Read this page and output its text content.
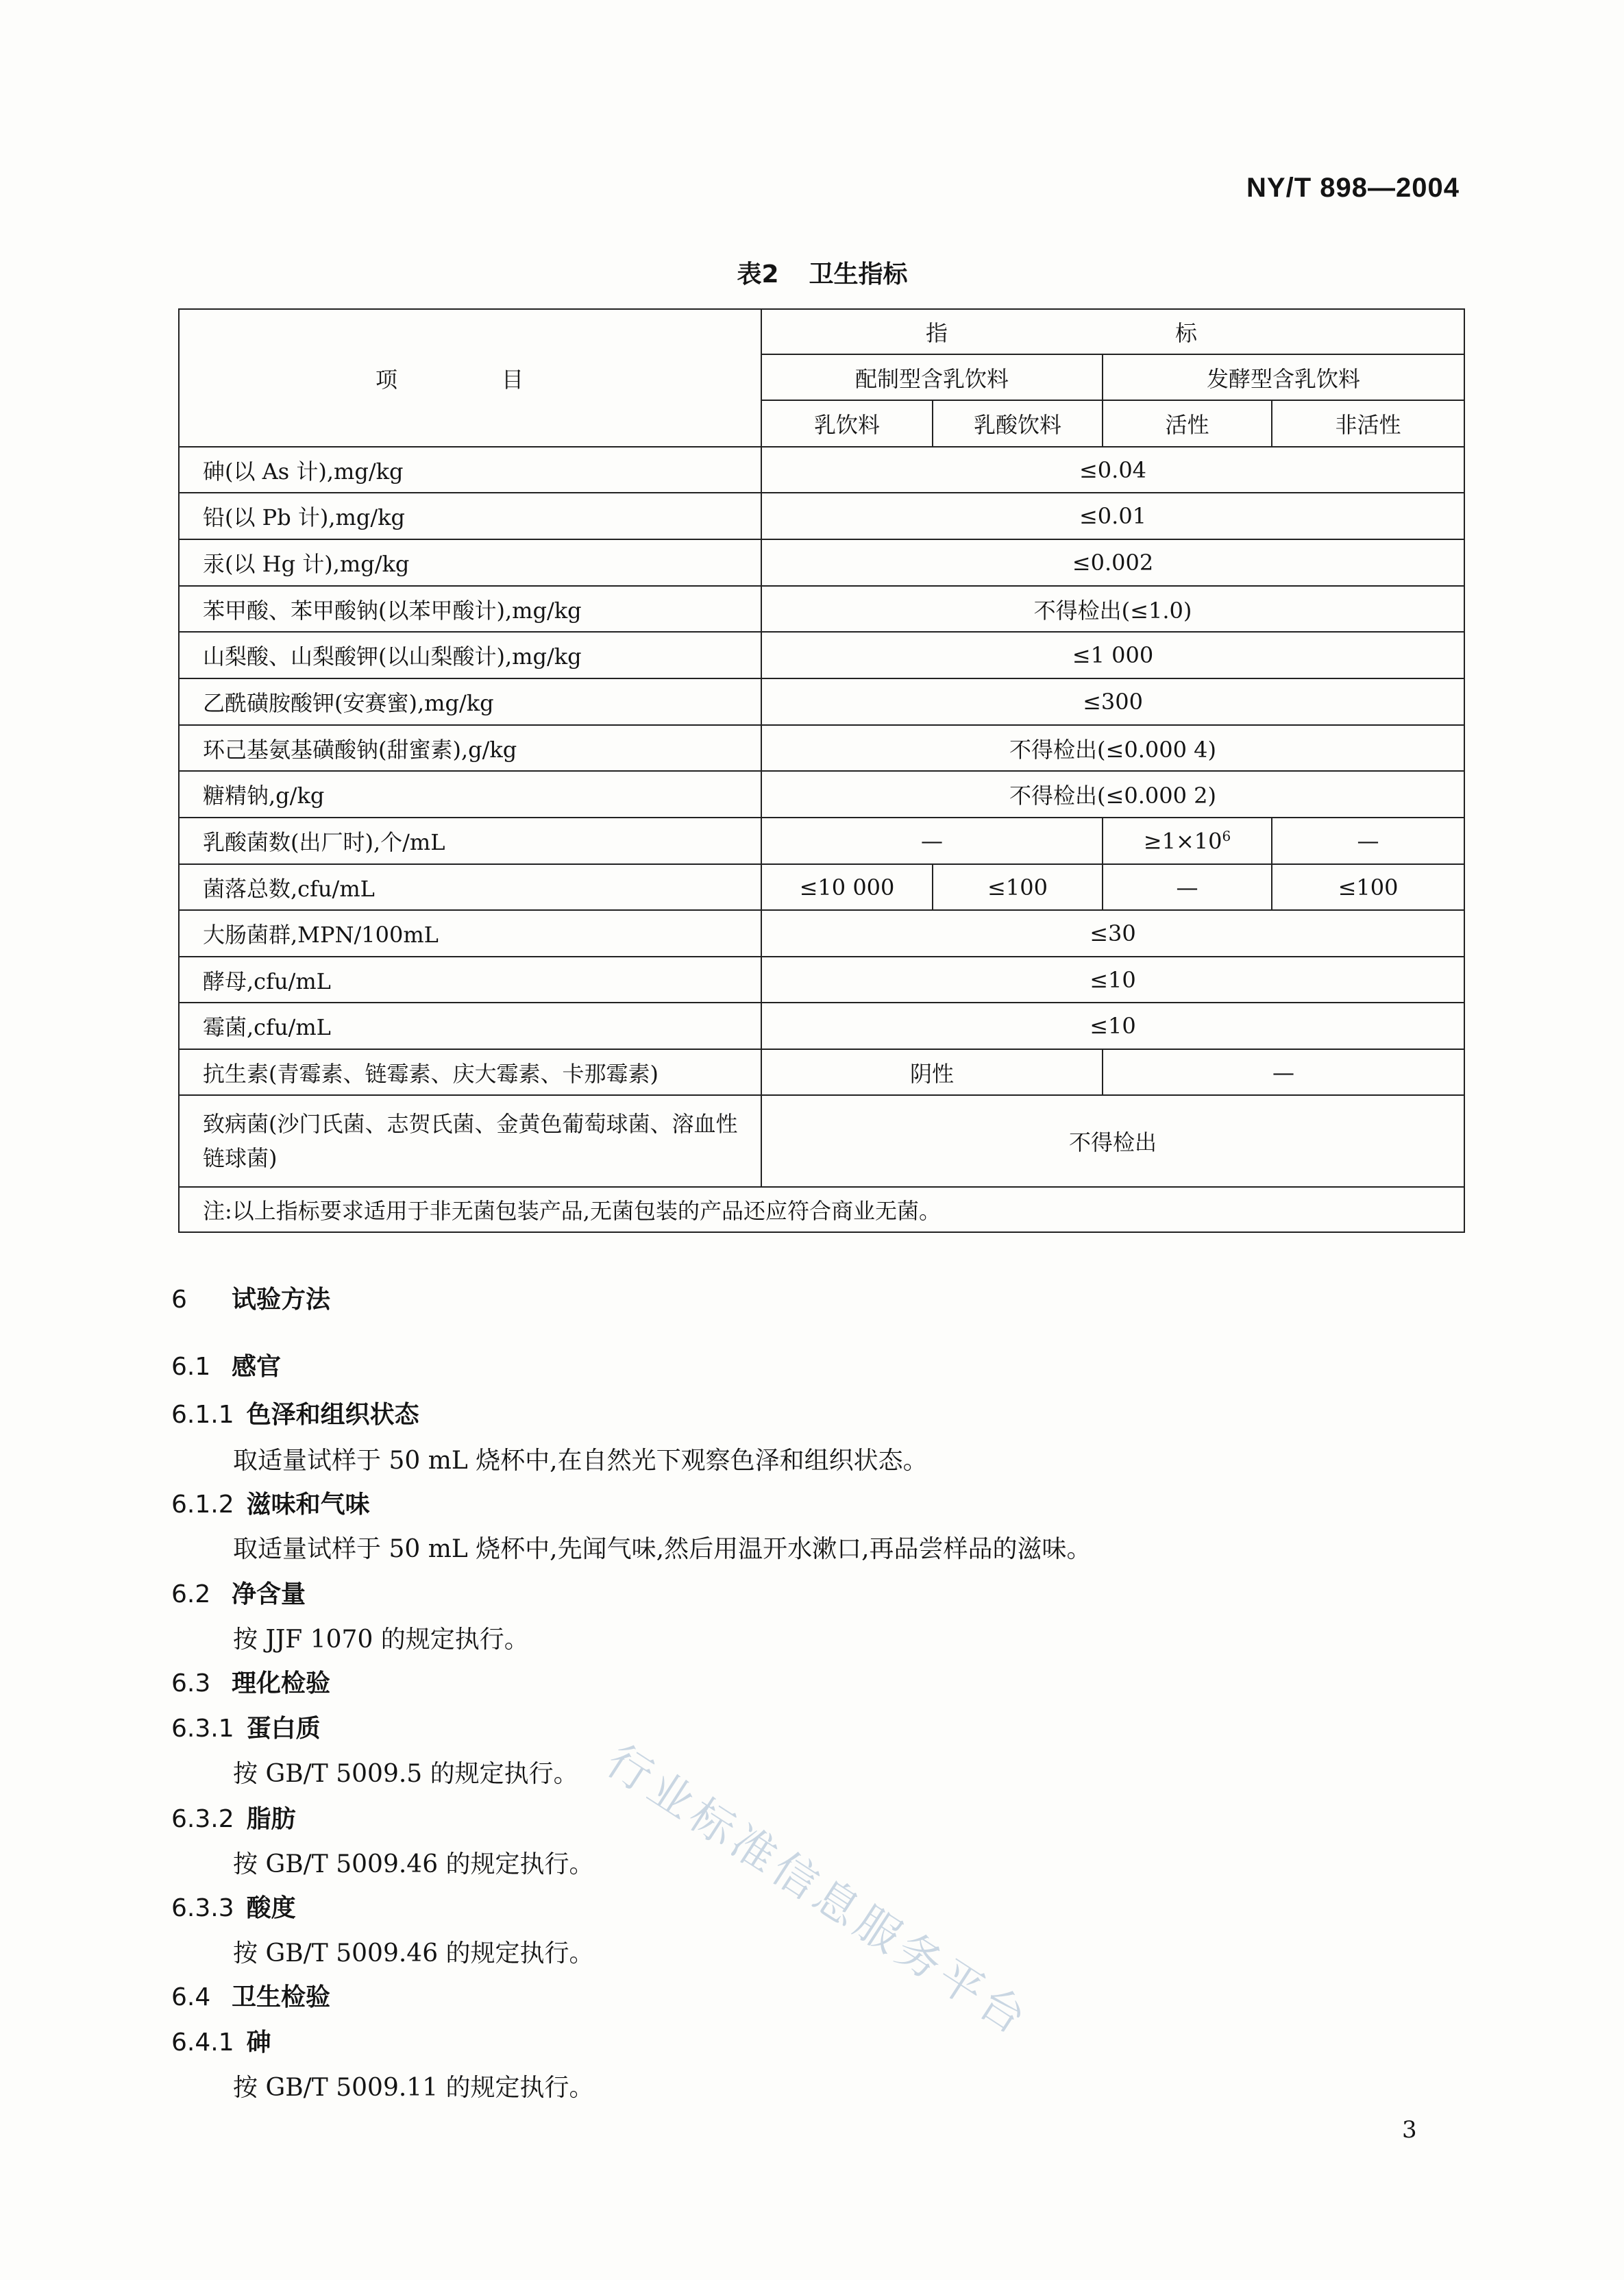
NY/T 898—2004
表2 卫生指标
项　目	指　标			
	配制型含乳饮料		发酵型含乳饮料	
	乳饮料	乳酸饮料	活性	非活性
砷(以 As 计),mg/kg	≤0.04			
铅(以 Pb 计),mg/kg	≤0.01			
汞(以 Hg 计),mg/kg	≤0.002			
苯甲酸、苯甲酸钠(以苯甲酸计),mg/kg	不得检出(≤1.0)			
山梨酸、山梨酸钾(以山梨酸计),mg/kg	≤1 000			
乙酰磺胺酸钾(安赛蜜),mg/kg	≤300			
环己基氨基磺酸钠(甜蜜素),g/kg	不得检出(≤0.000 4)			
糖精钠,g/kg	不得检出(≤0.000 2)			
乳酸菌数(出厂时),个/mL	—		$\ge 1\times 10^6$	—
菌落总数,cfu/mL	≤10 000	≤100	—	≤100
大肠菌群,MPN/100mL	≤30			
酵母,cfu/mL	≤10			
霉菌,cfu/mL	≤10			
抗生素(青霉素、链霉素、庆大霉素、卡那霉素)	阴性		—	
致病菌(沙门氏菌、志贺氏菌、金黄色葡萄球菌、溶血性链球菌)	不得检出			
注:以上指标要求适用于非无菌包装产品,无菌包装的产品还应符合商业无菌。				
6 试验方法
6.1 感官
6.1.1 色泽和组织状态
取适量试样于 50 mL 烧杯中,在自然光下观察色泽和组织状态。
6.1.2 滋味和气味
取适量试样于 50 mL 烧杯中,先闻气味,然后用温开水漱口,再品尝样品的滋味。
6.2 净含量
按 JJF 1070 的规定执行。
6.3 理化检验
6.3.1 蛋白质
按 GB/T 5009.5 的规定执行。
6.3.2 脂肪
按 GB/T 5009.46 的规定执行。
6.3.3 酸度
按 GB/T 5009.46 的规定执行。
6.4 卫生检验
6.4.1 砷
按 GB/T 5009.11 的规定执行。
行业标准信息服务平台
3
